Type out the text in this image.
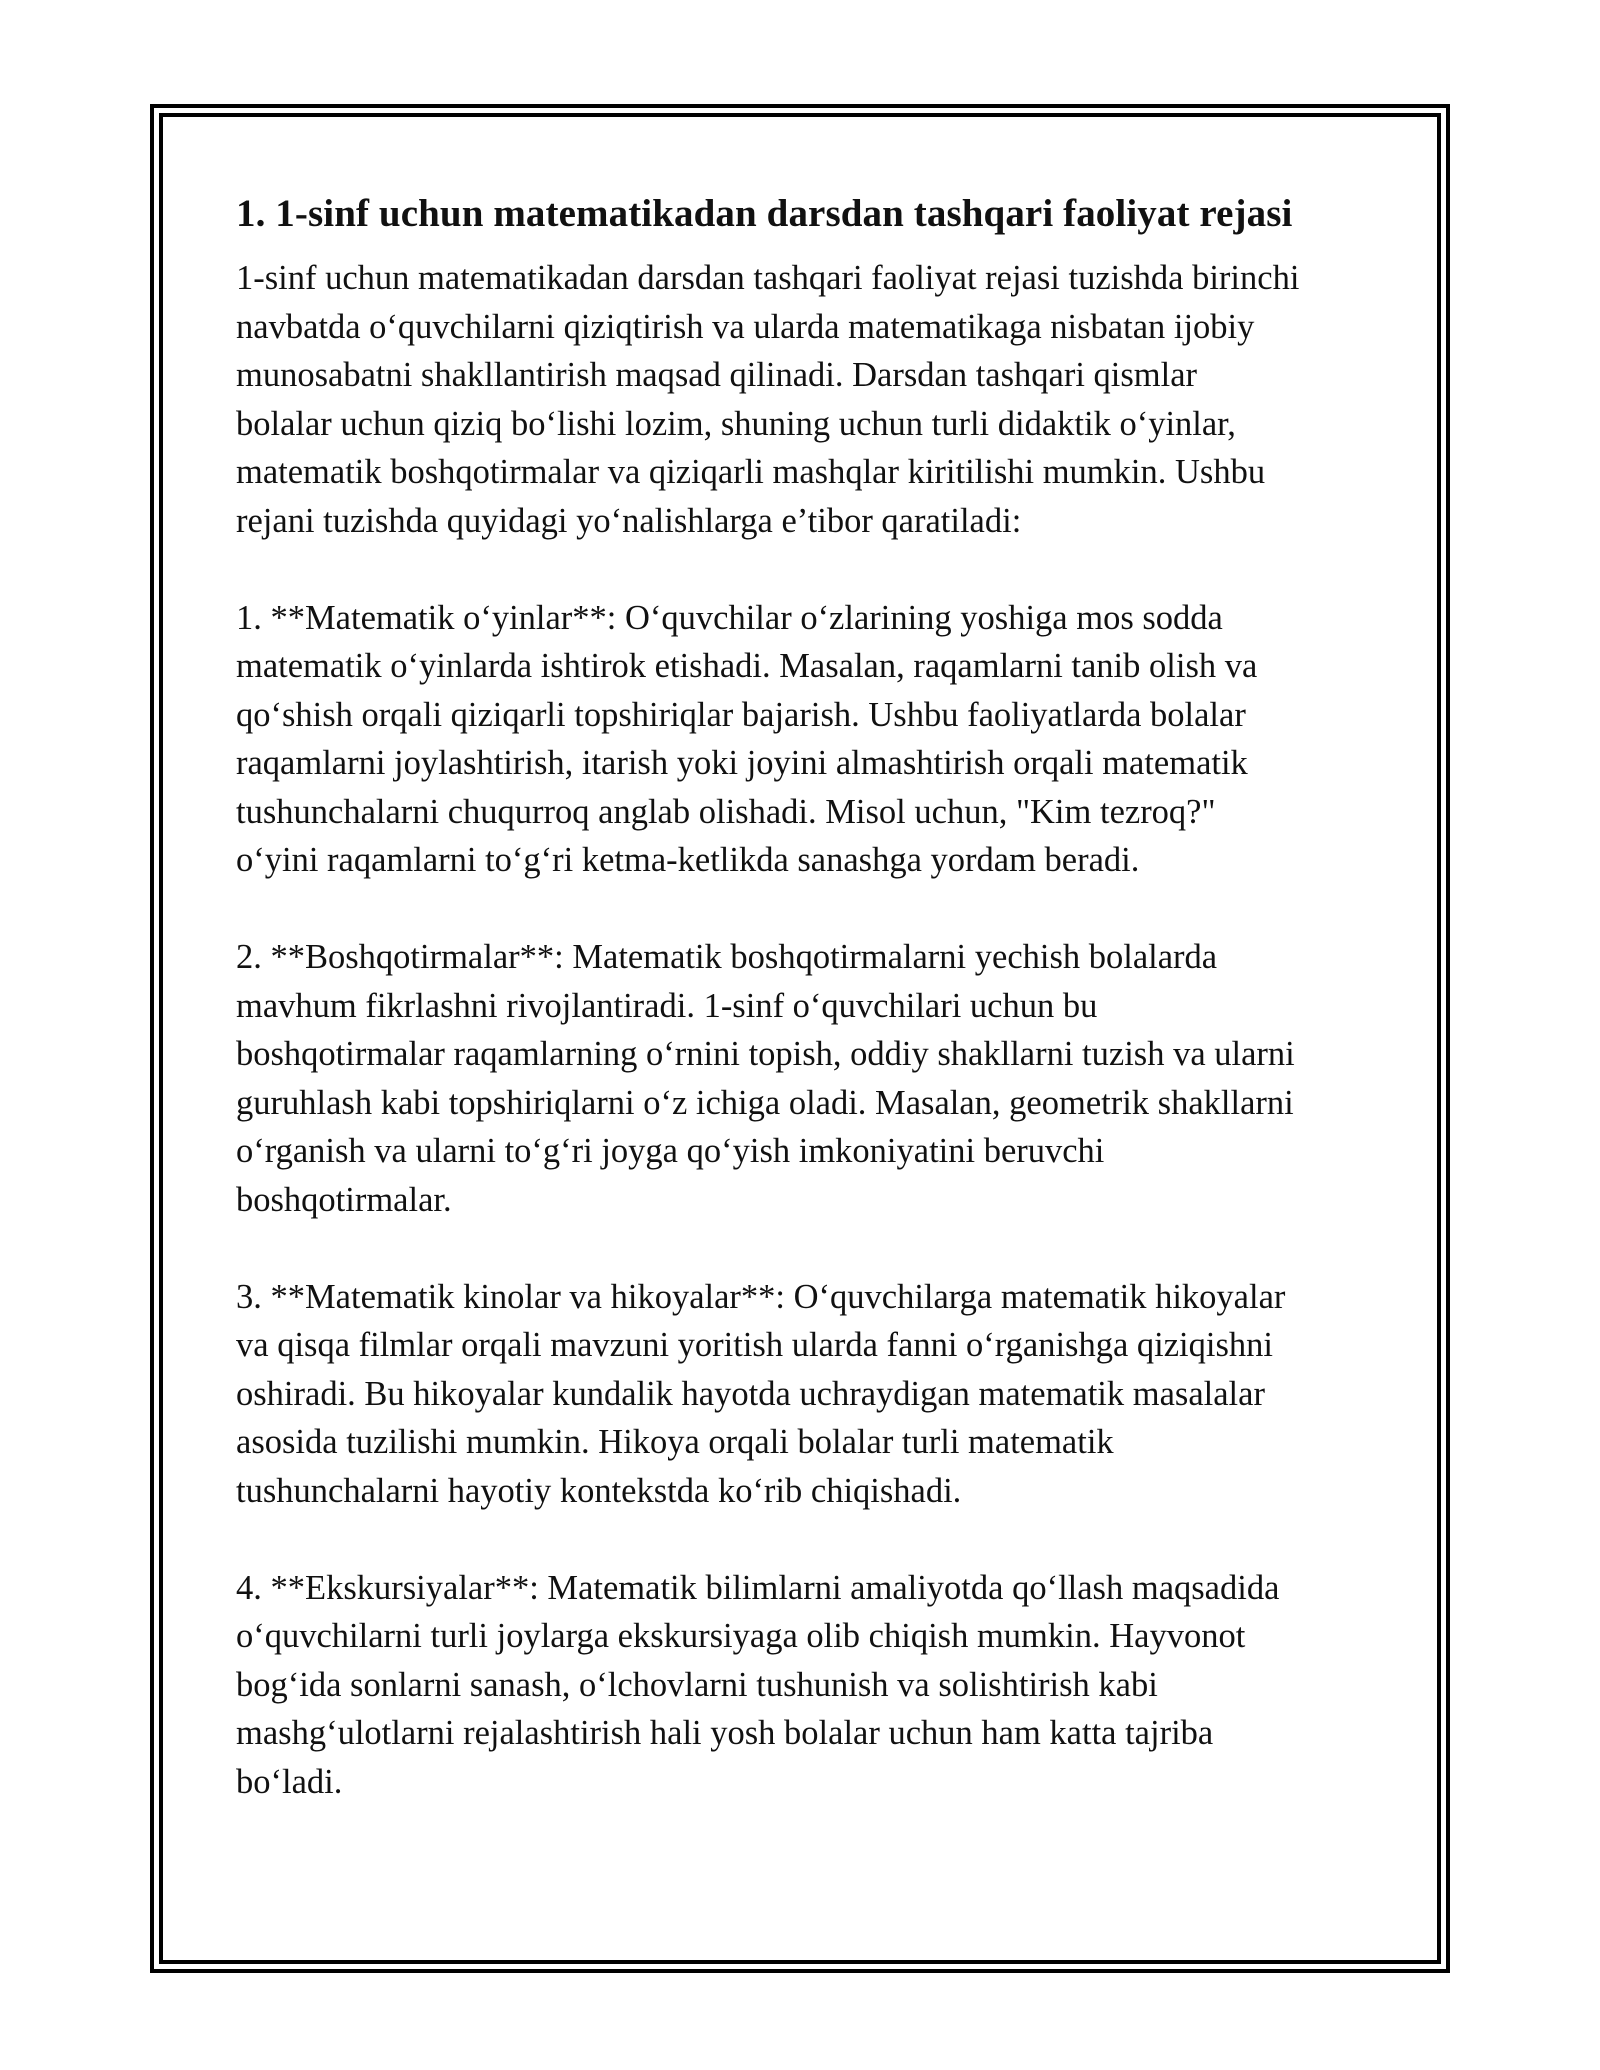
1. 1-sinf uchun matematikadan darsdan tashqari faoliyat rejasi
1-sinf uchun matematikadan darsdan tashqari faoliyat rejasi tuzishda birinchi
navbatda o‘quvchilarni qiziqtirish va ularda matematikaga nisbatan ijobiy
munosabatni shakllantirish maqsad qilinadi. Darsdan tashqari qismlar
bolalar uchun qiziq bo‘lishi lozim, shuning uchun turli didaktik o‘yinlar,
matematik boshqotirmalar va qiziqarli mashqlar kiritilishi mumkin. Ushbu
rejani tuzishda quyidagi yo‘nalishlarga e’tibor qaratiladi:
1. **Matematik o‘yinlar**: O‘quvchilar o‘zlarining yoshiga mos sodda
matematik o‘yinlarda ishtirok etishadi. Masalan, raqamlarni tanib olish va
qo‘shish orqali qiziqarli topshiriqlar bajarish. Ushbu faoliyatlarda bolalar
raqamlarni joylashtirish, itarish yoki joyini almashtirish orqali matematik
tushunchalarni chuqurroq anglab olishadi. Misol uchun, "Kim tezroq?"
o‘yini raqamlarni to‘g‘ri ketma-ketlikda sanashga yordam beradi.
2. **Boshqotirmalar**: Matematik boshqotirmalarni yechish bolalarda
mavhum fikrlashni rivojlantiradi. 1-sinf o‘quvchilari uchun bu
boshqotirmalar raqamlarning o‘rnini topish, oddiy shakllarni tuzish va ularni
guruhlash kabi topshiriqlarni o‘z ichiga oladi. Masalan, geometrik shakllarni
o‘rganish va ularni to‘g‘ri joyga qo‘yish imkoniyatini beruvchi
boshqotirmalar.
3. **Matematik kinolar va hikoyalar**: O‘quvchilarga matematik hikoyalar
va qisqa filmlar orqali mavzuni yoritish ularda fanni o‘rganishga qiziqishni
oshiradi. Bu hikoyalar kundalik hayotda uchraydigan matematik masalalar
asosida tuzilishi mumkin. Hikoya orqali bolalar turli matematik
tushunchalarni hayotiy kontekstda ko‘rib chiqishadi.
4. **Ekskursiyalar**: Matematik bilimlarni amaliyotda qo‘llash maqsadida
o‘quvchilarni turli joylarga ekskursiyaga olib chiqish mumkin. Hayvonot
bog‘ida sonlarni sanash, o‘lchovlarni tushunish va solishtirish kabi
mashg‘ulotlarni rejalashtirish hali yosh bolalar uchun ham katta tajriba
bo‘ladi.
